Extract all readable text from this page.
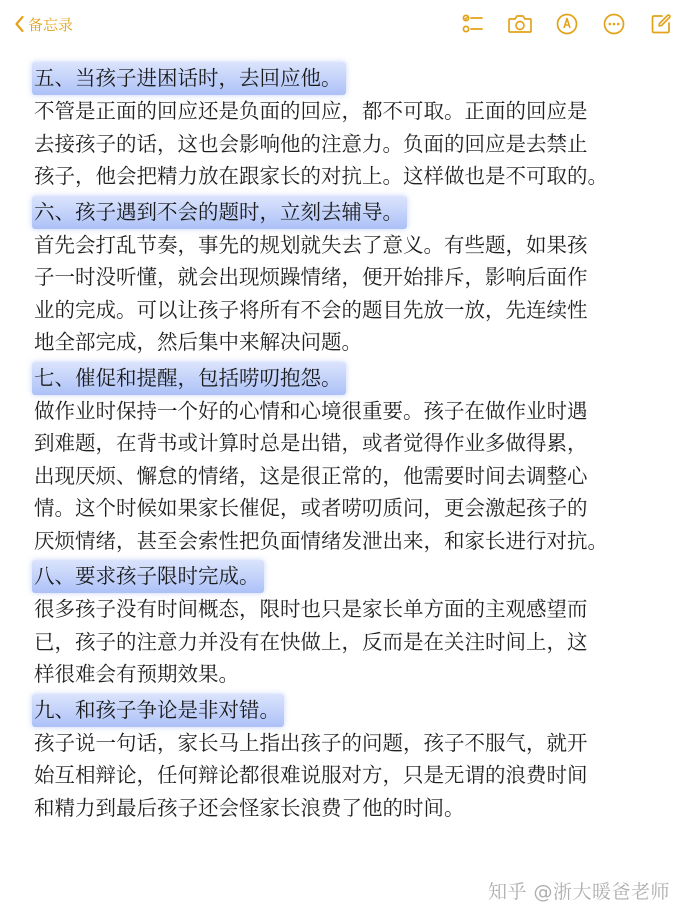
备忘录
五、当孩子进困话时，去回应他。
不管是正面的回应还是负面的回应，都不可取。正面的回应是
去接孩子的话，这也会影响他的注意力。负面的回应是去禁止
孩子，他会把精力放在跟家长的对抗上。这样做也是不可取的。
六、孩子遇到不会的题时，立刻去辅导。
首先会打乱节奏，事先的规划就失去了意义。有些题，如果孩
子一时没听懂，就会出现烦躁情绪，便开始排斥，影响后面作
业的完成。可以让孩子将所有不会的题目先放一放，先连续性
地全部完成，然后集中来解决问题。
七、催促和提醒，包括唠叨抱怨。
做作业时保持一个好的心情和心境很重要。孩子在做作业时遇
到难题，在背书或计算时总是出错，或者觉得作业多做得累，
出现厌烦、懈怠的情绪，这是很正常的，他需要时间去调整心
情。这个时候如果家长催促，或者唠叨质问，更会激起孩子的
厌烦情绪，甚至会索性把负面情绪发泄出来，和家长进行对抗。
八、要求孩子限时完成。
很多孩子没有时间概态，限时也只是家长单方面的主观感望而
已，孩子的注意力并没有在快做上，反而是在关注时间上，这
样很难会有预期效果。
九、和孩子争论是非对错。
孩子说一句话，家长马上指出孩子的问题，孩子不服气，就开
始互相辩论，任何辩论都很难说服对方，只是无谓的浪费时间
和精力到最后孩子还会怪家长浪费了他的时间。
知乎 @浙大暖爸老师
